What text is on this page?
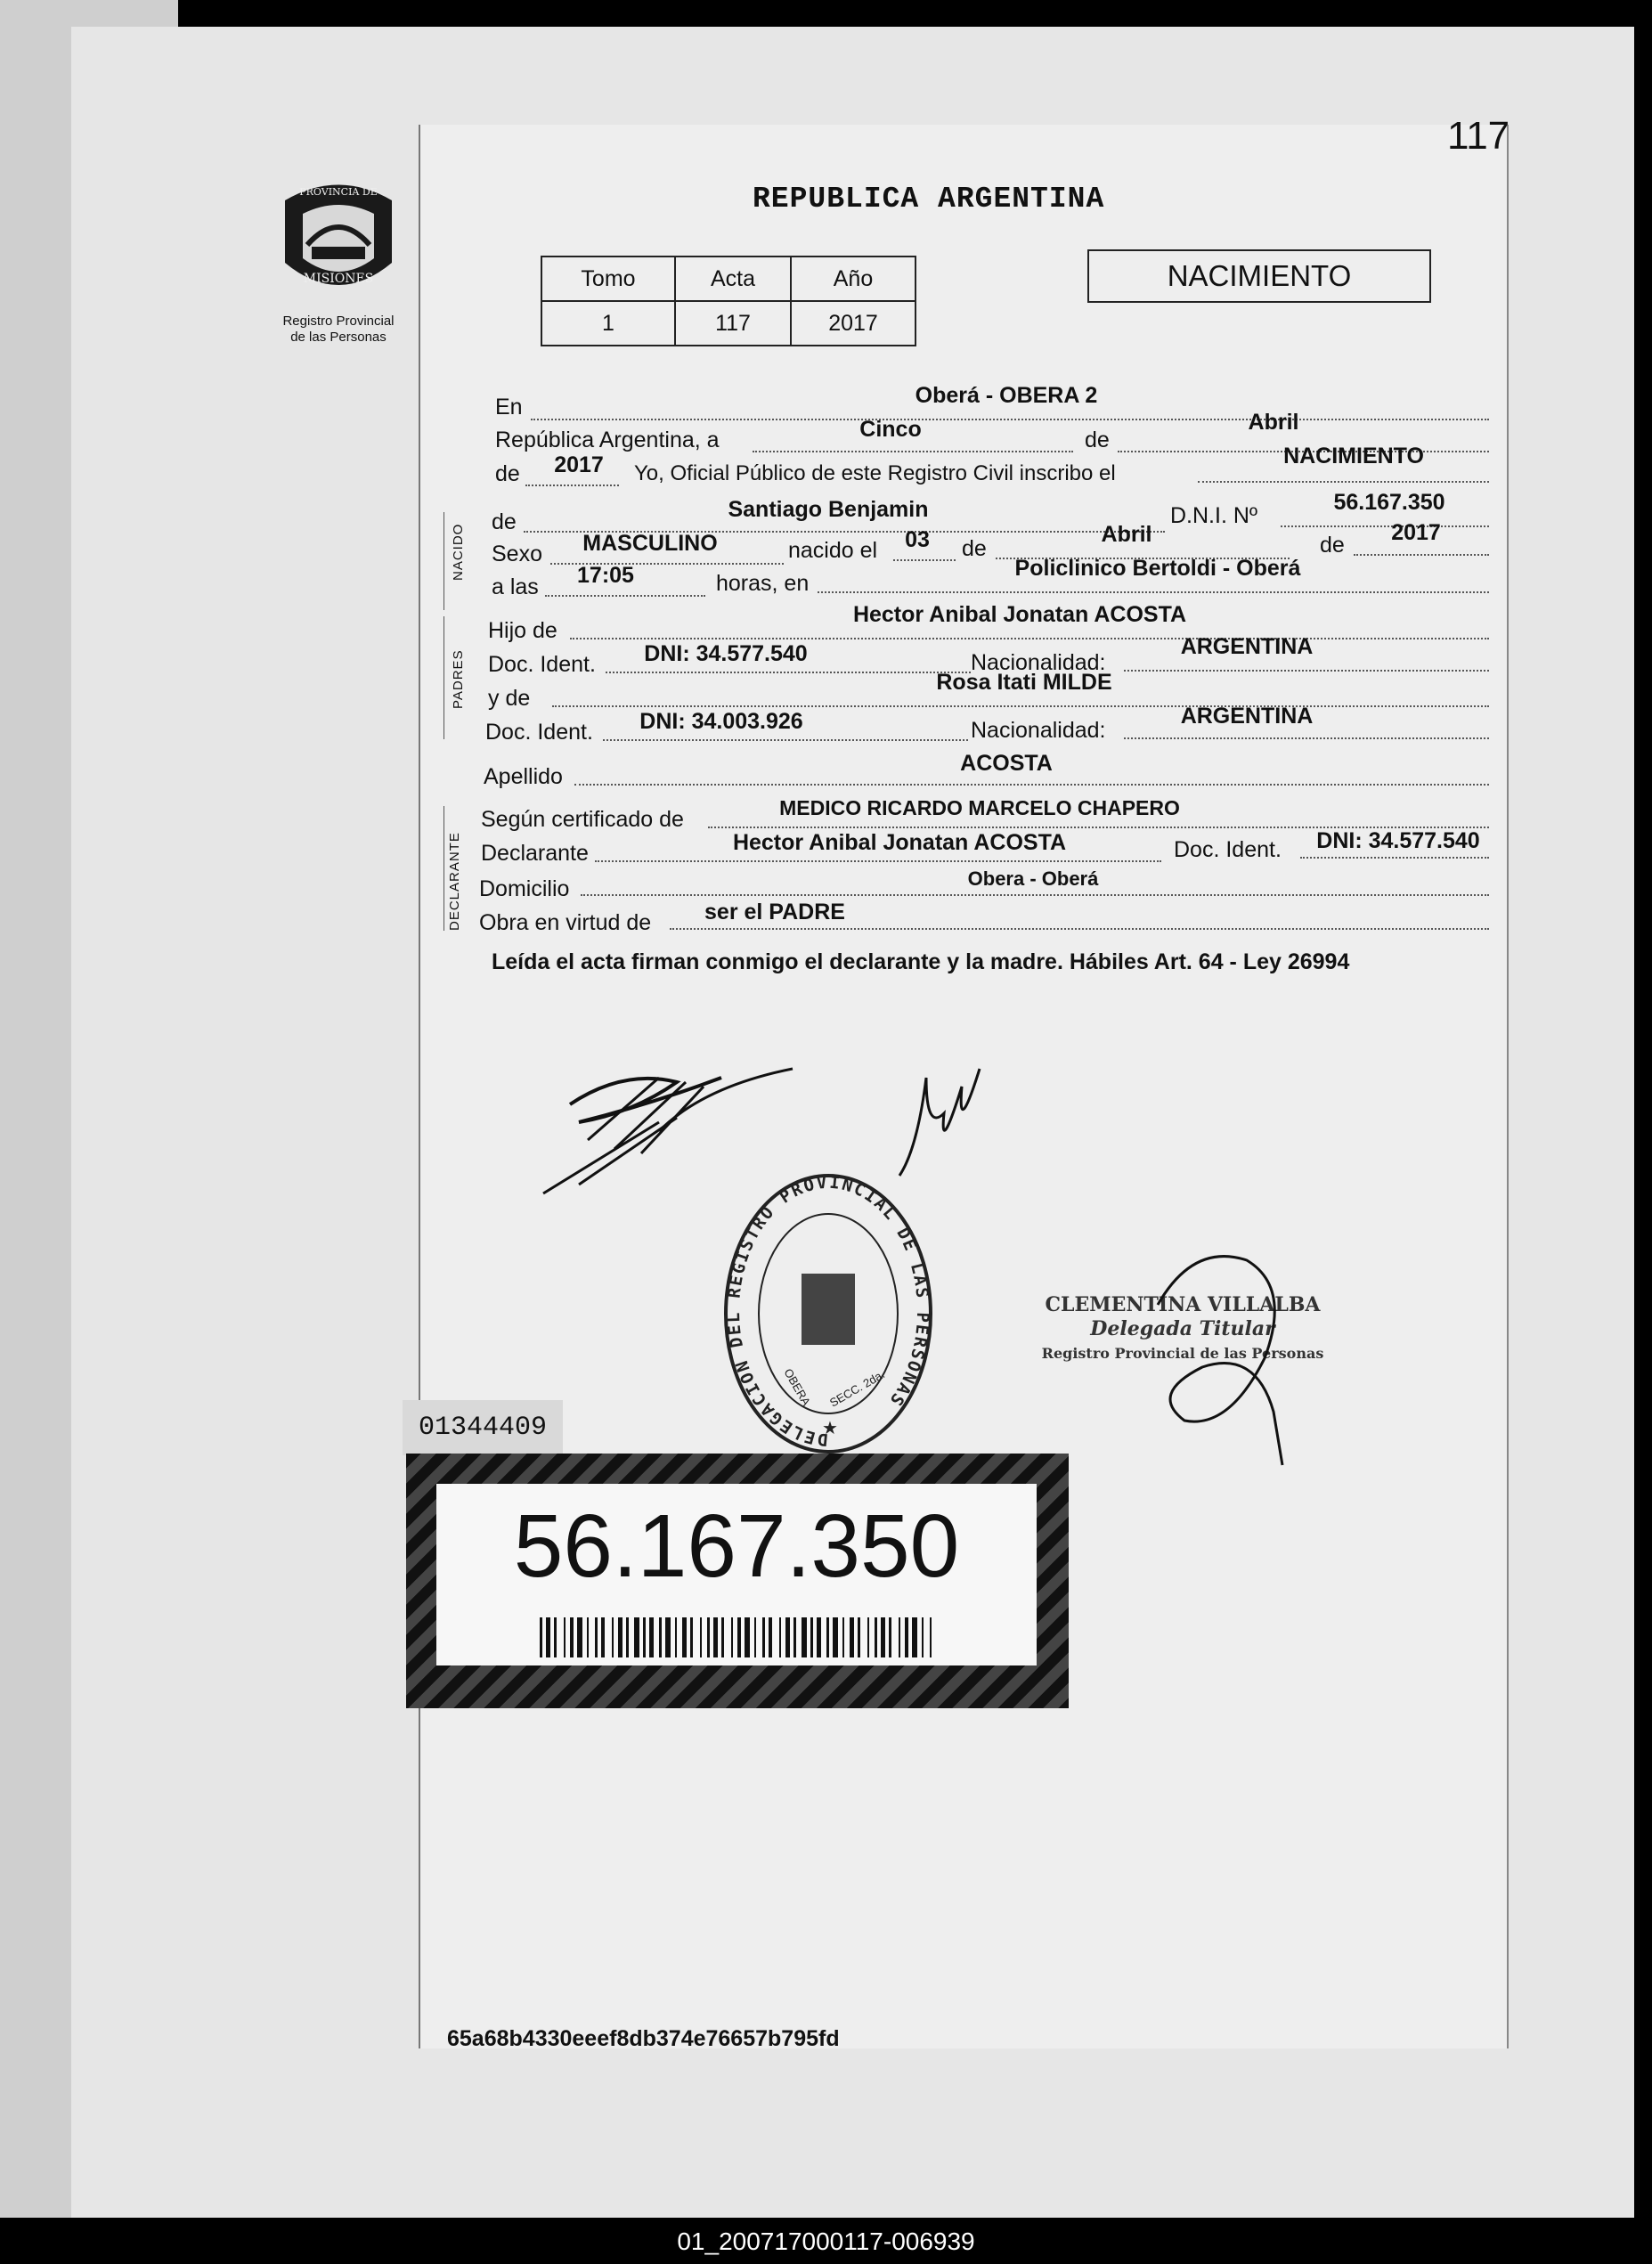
117
PROVINCIA DE
MISIONES
Registro Provincial
de las Personas
REPUBLICA ARGENTINA
Tomo	Acta	Año
1	117	2017
NACIMIENTO
En	Oberá - OBERA 2
República Argentina, a	Cinco	de
Abril
de	2017	Yo, Oficial Público de este Registro Civil inscribo el
NACIMIENTO
NACIDO
de	Santiago Benjamin	D.N.I. Nº
56.167.350
Sexo	MASCULINO	nacido el	03	de
Abril	de	2017
a las	17:05	horas, en
Policlinico Bertoldi - Oberá
PADRES
Hijo de
Hector Anibal Jonatan ACOSTA
Doc. Ident.	DNI: 34.577.540	Nacionalidad:
ARGENTINA
y de
Rosa Itati MILDE
Doc. Ident.	DNI: 34.003.926	Nacionalidad:
ARGENTINA
Apellido
ACOSTA
DECLARANTE
Según certificado de	MEDICO RICARDO MARCELO CHAPERO
Declarante	Hector Anibal Jonatan ACOSTA	Doc. Ident.	DNI: 34.577.540
Domicilio	Obera - Oberá
Obra en virtud de	ser el PADRE
Leída el acta firman conmigo el declarante y la madre. Hábiles Art. 64 - Ley 26994
DELEGACION DEL REGISTRO PROVINCIAL DE LAS PERSONAS
OBERA SECC. 2da.
★
CLEMENTINA VILLALBA
Delegada Titular
Registro Provincial de las Personas
01344409
56.167.350
65a68b4330eeef8db374e76657b795fd
01_200717000117-006939
